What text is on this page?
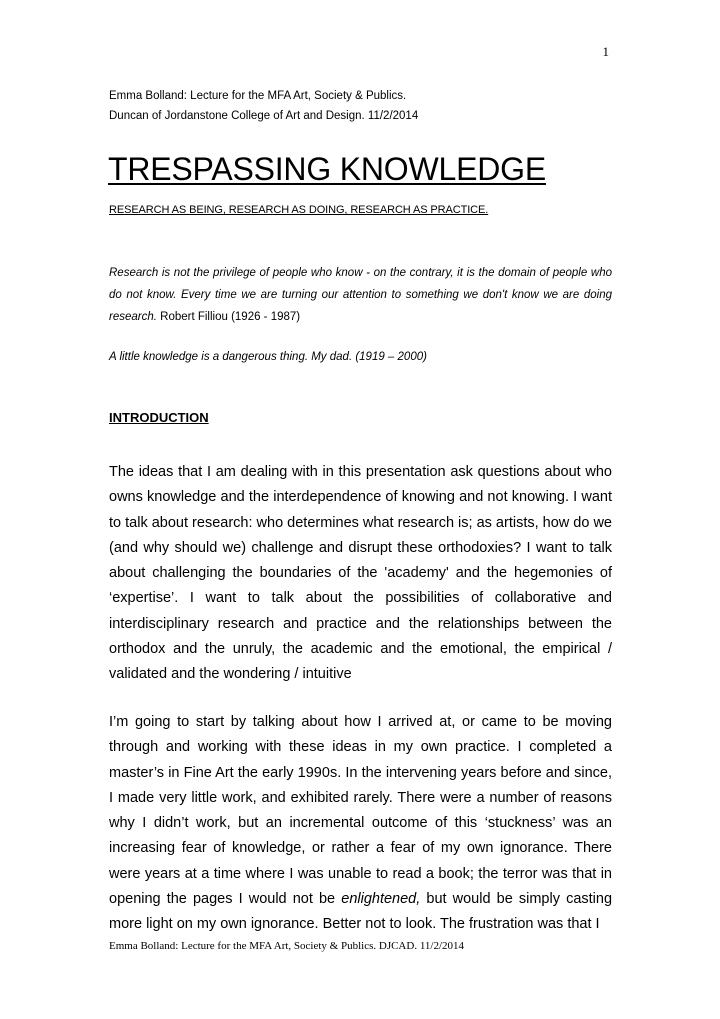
1
Emma Bolland: Lecture for the MFA Art, Society & Publics.
Duncan of Jordanstone College of Art and Design. 11/2/2014
TRESPASSING KNOWLEDGE
RESEARCH AS BEING, RESEARCH AS DOING, RESEARCH AS PRACTICE.
Research is not the privilege of people who know - on the contrary, it is the domain of people who do not know. Every time we are turning our attention to something we don't know we are doing research. Robert Filliou (1926 - 1987)
A little knowledge is a dangerous thing. My dad. (1919 – 2000)
INTRODUCTION

The ideas that I am dealing with in this presentation ask questions about who owns knowledge and the interdependence of knowing and not knowing. I want to talk about research: who determines what research is; as artists, how do we (and why should we) challenge and disrupt these orthodoxies? I want to talk about challenging the boundaries of the 'academy' and the hegemonies of ‘expertise’. I want to talk about the possibilities of collaborative and interdisciplinary research and practice and the relationships between the orthodox and the unruly, the academic and the emotional, the empirical / validated and the wondering / intuitive

I’m going to start by talking about how I arrived at, or came to be moving through and working with these ideas in my own practice. I completed a master’s in Fine Art the early 1990s. In the intervening years before and since, I made very little work, and exhibited rarely. There were a number of reasons why I didn’t work, but an incremental outcome of this ‘stuckness’ was an increasing fear of knowledge, or rather a fear of my own ignorance. There were years at a time where I was unable to read a book; the terror was that in opening the pages I would not be enlightened, but would be simply casting more light on my own ignorance. Better not to look. The frustration was that I

Emma Bolland: Lecture for the MFA Art, Society & Publics. DJCAD. 11/2/2014
